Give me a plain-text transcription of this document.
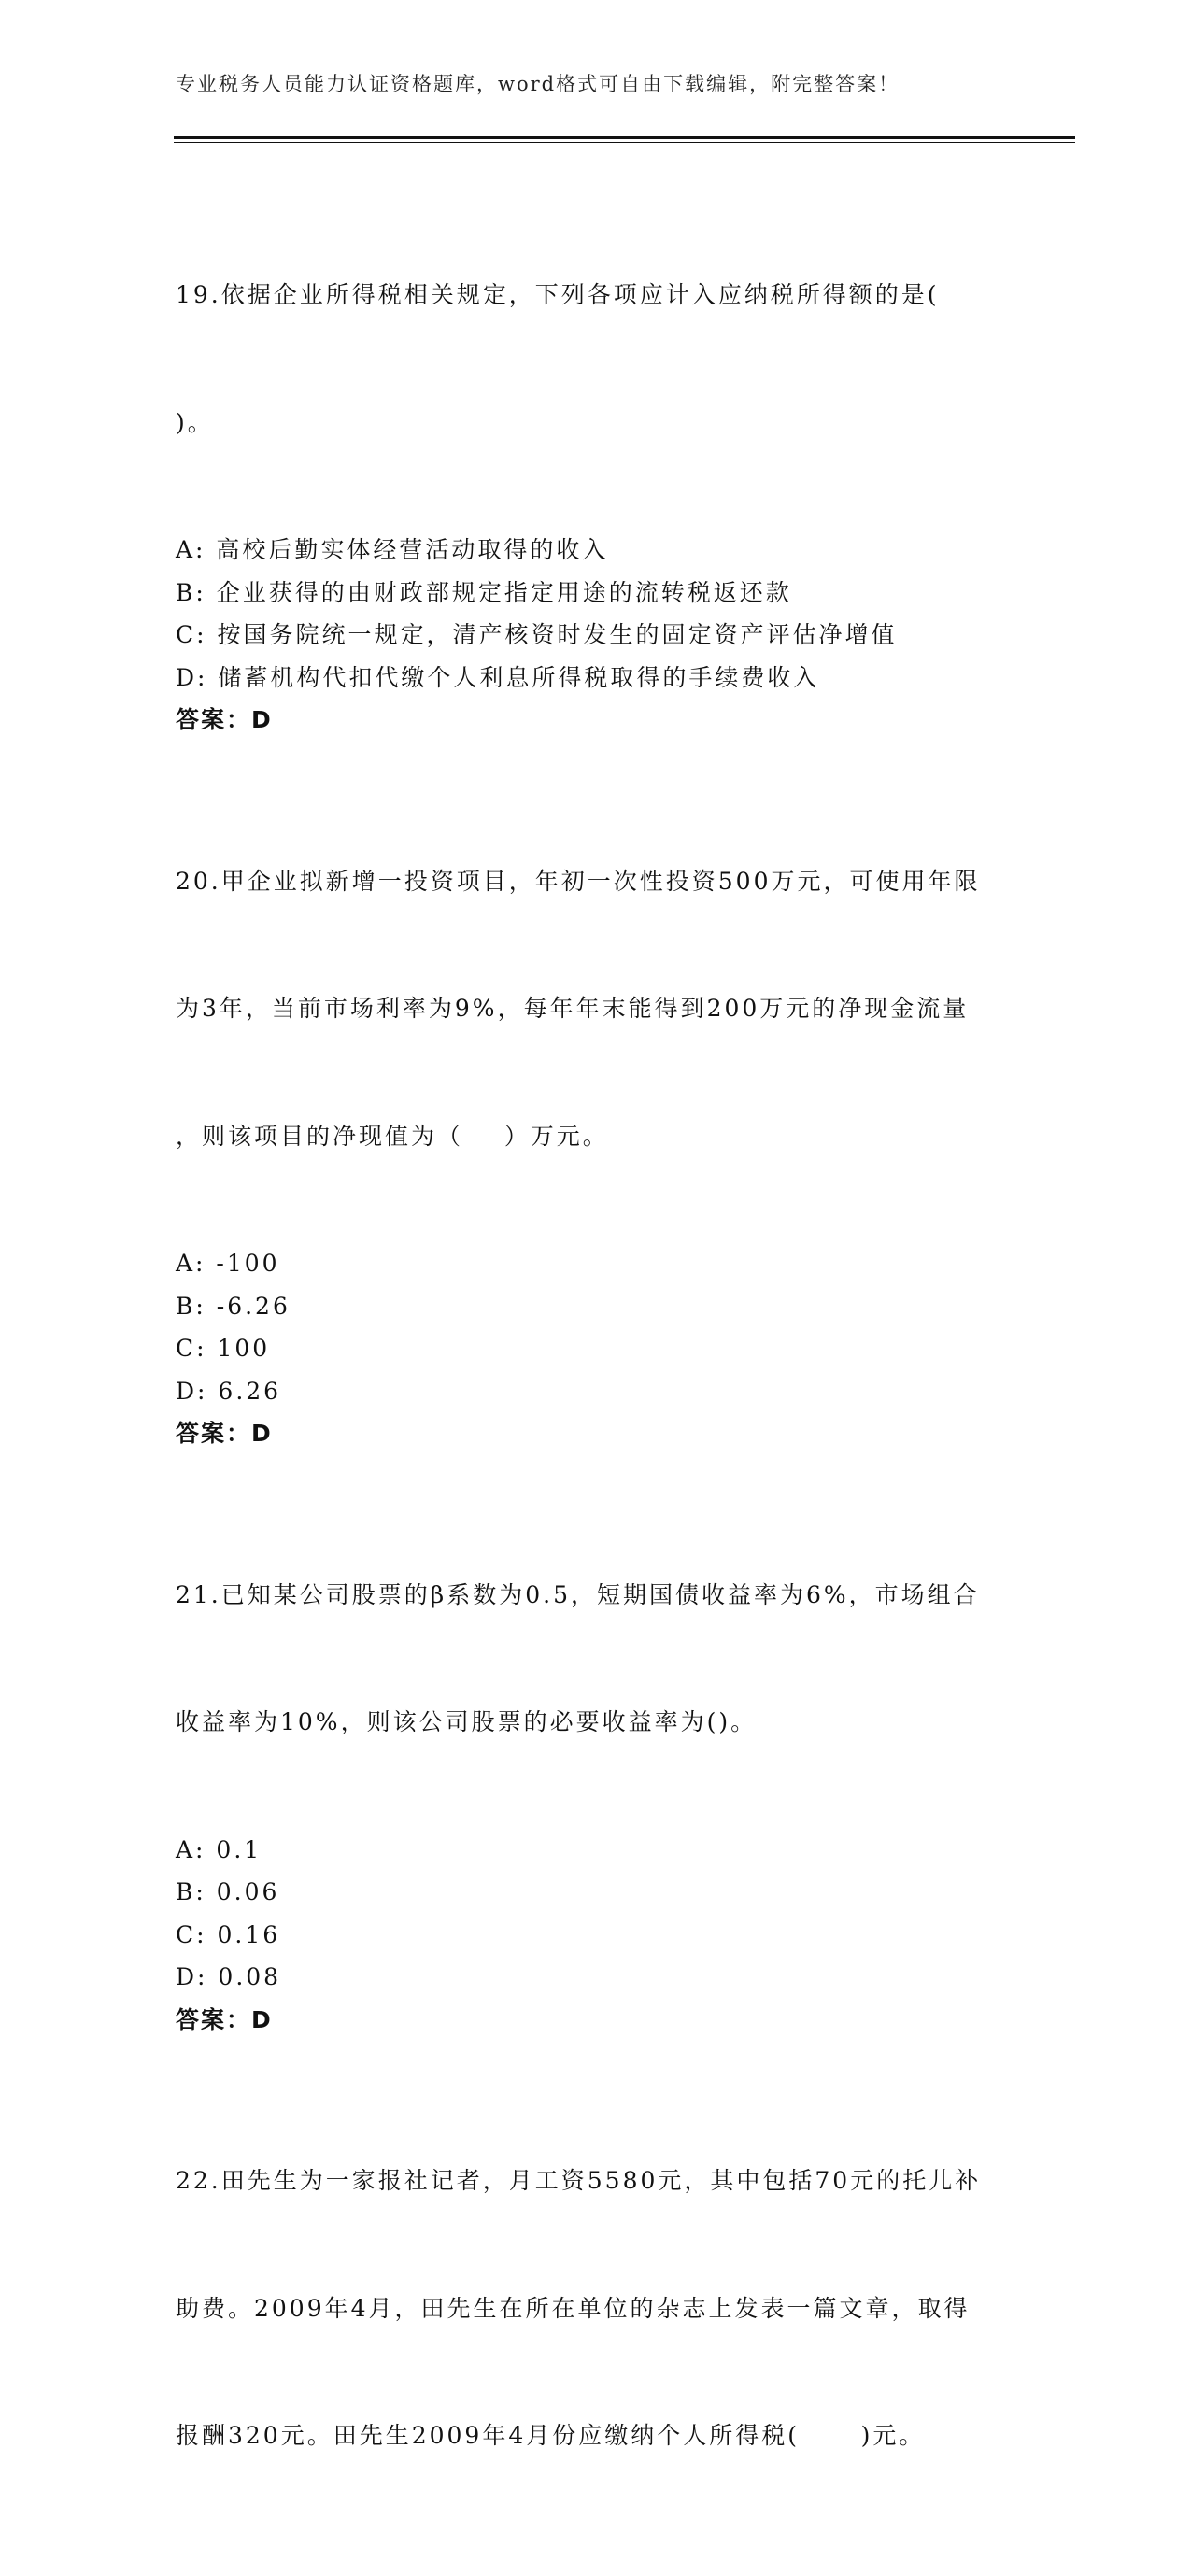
专业税务人员能力认证资格题库，word格式可自由下载编辑，附完整答案！

19.依据企业所得税相关规定，下列各项应计入应纳税所得额的是(

)。

A: 高校后勤实体经营活动取得的收入
B: 企业获得的由财政部规定指定用途的流转税返还款
C: 按国务院统一规定，清产核资时发生的固定资产评估净增值
D: 储蓄机构代扣代缴个人利息所得税取得的手续费收入
答案：D

20.甲企业拟新增一投资项目，年初一次性投资500万元，可使用年限

为3年，当前市场利率为9%，每年年末能得到200万元的净现金流量

，则该项目的净现值为（    ）万元。

A: -100
B: -6.26
C: 100
D: 6.26
答案：D

21.已知某公司股票的β系数为0.5，短期国债收益率为6%，市场组合

收益率为10%，则该公司股票的必要收益率为()。

A: 0.1
B: 0.06
C: 0.16
D: 0.08
答案：D

22.田先生为一家报社记者，月工资5580元，其中包括70元的托儿补

助费。2009年4月，田先生在所在单位的杂志上发表一篇文章，取得

报酬320元。田先生2009年4月份应缴纳个人所得税(      )元。
